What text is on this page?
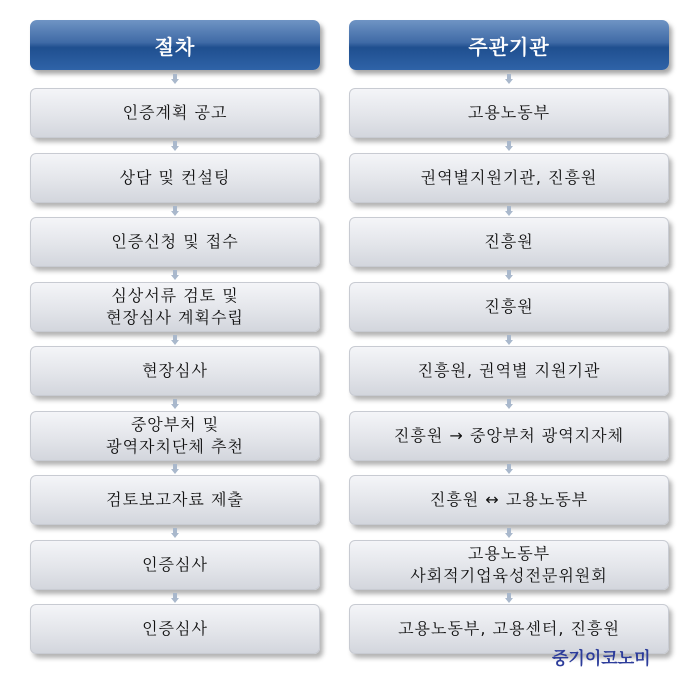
절차
인증계획 공고
상담 및 컨설팅
인증신청 및 접수
심상서류 검토 및
현장심사 계획수립
현장심사
중앙부처 및
광역자치단체 추천
검토보고자료 제출
인증심사
인증심사
주관기관
고용노동부
권역별지원기관, 진흥원
진흥원
진흥원
진흥원, 권역별 지원기관
진흥원 → 중앙부처 광역지자체
진흥원 ↔ 고용노동부
고용노동부
사회적기업육성전문위원회
고용노동부, 고용센터, 진흥원
중기이코노미
